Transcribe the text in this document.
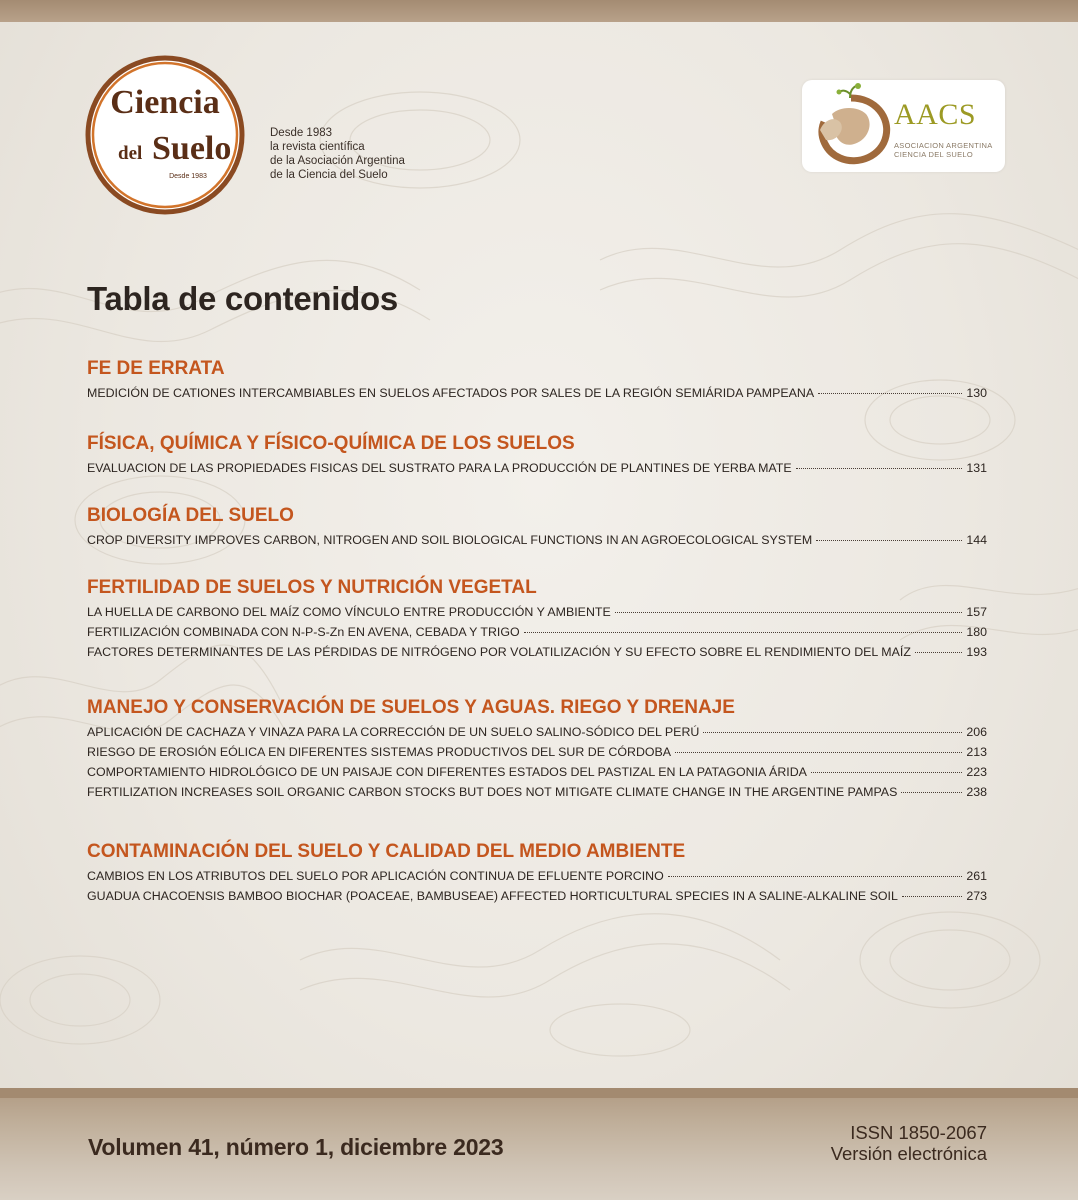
Ciencia
del Suelo
Desde 1983
Desde 1983
la revista científica
de la Asociación Argentina
de la Ciencia del Suelo
AACS
ASOCIACION ARGENTINA
CIENCIA DEL SUELO
Tabla de contenidos
FE DE ERRATA
MEDICIÓN DE CATIONES INTERCAMBIABLES EN SUELOS AFECTADOS POR SALES DE LA REGIÓN SEMIÁRIDA PAMPEANA	130
FÍSICA, QUÍMICA Y FÍSICO-QUÍMICA DE LOS SUELOS
EVALUACION DE LAS PROPIEDADES FISICAS DEL SUSTRATO PARA LA PRODUCCIÓN DE PLANTINES DE YERBA MATE	131
BIOLOGÍA DEL SUELO
CROP DIVERSITY IMPROVES CARBON, NITROGEN AND SOIL BIOLOGICAL FUNCTIONS IN AN AGROECOLOGICAL SYSTEM	144
FERTILIDAD DE SUELOS Y NUTRICIÓN VEGETAL
LA HUELLA DE CARBONO DEL MAÍZ COMO VÍNCULO ENTRE PRODUCCIÓN Y AMBIENTE	157
FERTILIZACIÓN COMBINADA CON N-P-S-Zn EN AVENA, CEBADA Y TRIGO	180
FACTORES DETERMINANTES DE LAS PÉRDIDAS DE NITRÓGENO POR VOLATILIZACIÓN Y SU EFECTO SOBRE EL RENDIMIENTO DEL MAÍZ	193
MANEJO Y CONSERVACIÓN DE SUELOS Y AGUAS. RIEGO Y DRENAJE
APLICACIÓN DE CACHAZA Y VINAZA PARA LA CORRECCIÓN DE UN SUELO SALINO-SÓDICO DEL PERÚ	206
RIESGO DE EROSIÓN EÓLICA EN DIFERENTES SISTEMAS PRODUCTIVOS DEL SUR DE CÓRDOBA	213
COMPORTAMIENTO HIDROLÓGICO DE UN PAISAJE CON DIFERENTES ESTADOS DEL PASTIZAL EN LA PATAGONIA ÁRIDA	223
FERTILIZATION INCREASES SOIL ORGANIC CARBON STOCKS BUT DOES NOT MITIGATE CLIMATE CHANGE IN THE ARGENTINE PAMPAS	238
CONTAMINACIÓN DEL SUELO Y CALIDAD DEL MEDIO AMBIENTE
CAMBIOS EN LOS ATRIBUTOS DEL SUELO POR APLICACIÓN CONTINUA DE EFLUENTE PORCINO	261
GUADUA CHACOENSIS BAMBOO BIOCHAR (POACEAE, BAMBUSEAE) AFFECTED HORTICULTURAL SPECIES IN A SALINE-ALKALINE SOIL	273
Volumen 41, número 1, diciembre 2023
ISSN 1850-2067
Versión electrónica
